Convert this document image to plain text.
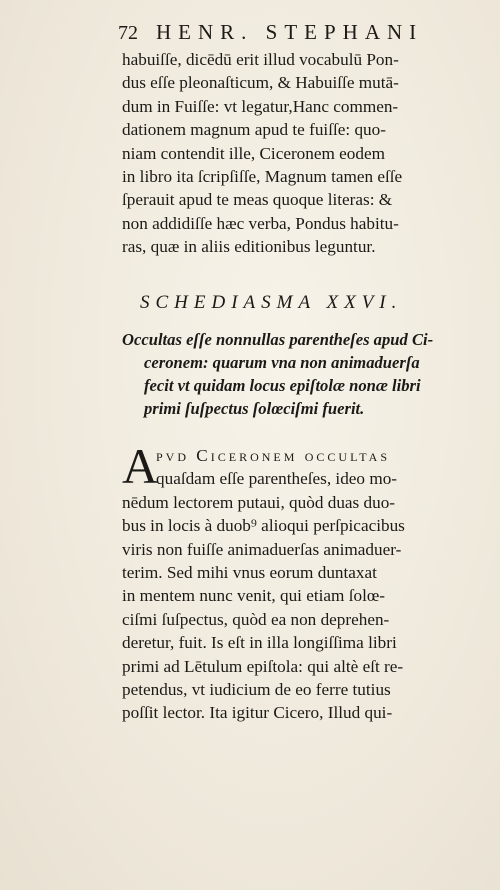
72 HENR. STEPHANI
habuiſſe, dicēdū erit illud vocabulū Pon-
dus eſſe pleonaſticum, & Habuiſſe mutā-
dum in Fuiſſe: vt legatur,Hanc commen-
dationem magnum apud te fuiſſe: quo-
niam contendit ille, Ciceronem eodem
in libro ita ſcripſiſſe, Magnum tamen eſſe
ſperauit apud te meas quoque literas: &
non addidiſſe hæc verba, Pondus habitu-
ras, quæ in aliis editionibus leguntur.
SCHEDIASMA XXVI.
Occultas eſſe nonnullas parentheſes apud Ci-
ceronem: quarum vna non animaduerſa
fecit vt quidam locus epiſtolæ nonæ libri
primi ſuſpectus ſolœciſmi fuerit.
A
pvd Ciceronem occultas
quaſdam eſſe parentheſes, ideo mo-
nēdum lectorem putaui, quòd duas duo-
bus in locis à duob⁹ alioqui perſpicacibus
viris non fuiſſe animaduerſas animaduer-
terim. Sed mihi vnus eorum duntaxat
in mentem nunc venit, qui etiam ſolœ-
ciſmi ſuſpectus, quòd ea non deprehen-
deretur, fuit. Is eſt in illa longiſſima libri
primi ad Lētulum epiſtola: qui altè eſt re-
petendus, vt iudicium de eo ferre tutius
poſſit lector. Ita igitur Cicero, Illud qui-
